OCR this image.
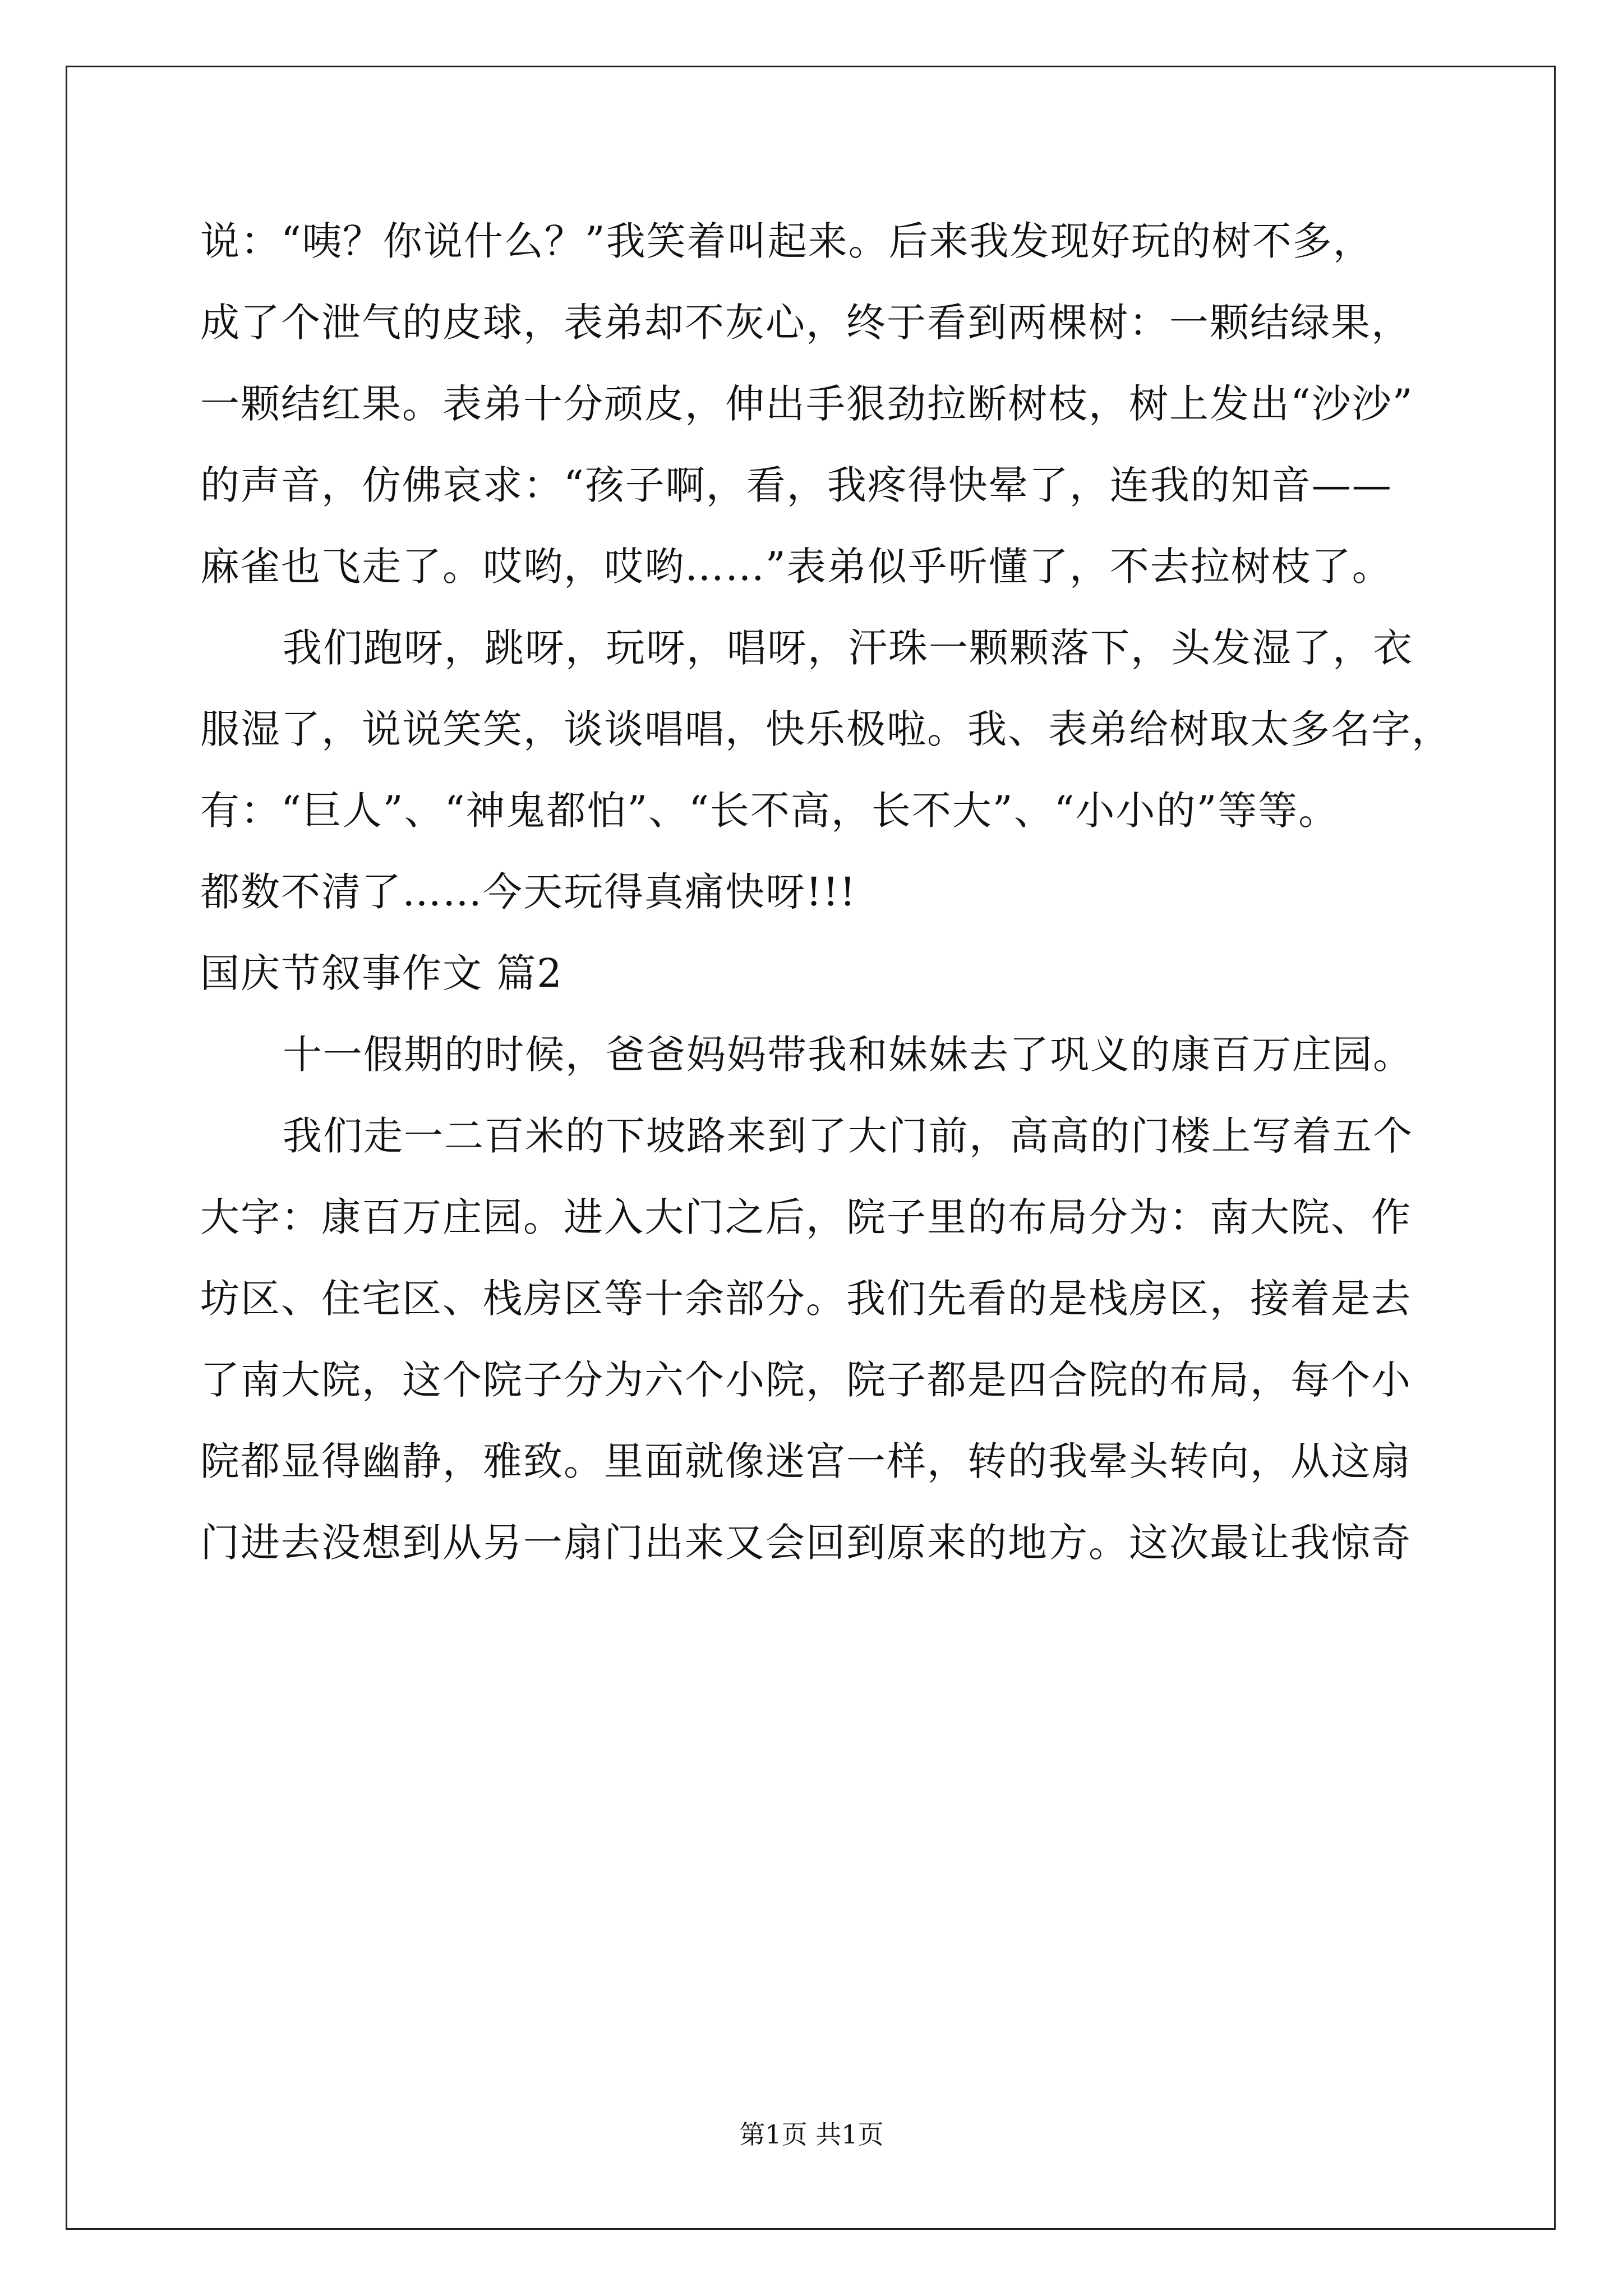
说：“咦？你说什么？”我笑着叫起来。后来我发现好玩的树不多，
成了个泄气的皮球，表弟却不灰心，终于看到两棵树：一颗结绿果，
一颗结红果。表弟十分顽皮，伸出手狠劲拉断树枝，树上发出“沙沙”
的声音，仿佛哀求：“孩子啊，看，我疼得快晕了，连我的知音——
麻雀也飞走了。哎哟，哎哟……”表弟似乎听懂了，不去拉树枝了。
我们跑呀，跳呀，玩呀，唱呀，汗珠一颗颗落下，头发湿了，衣
服湿了，说说笑笑，谈谈唱唱，快乐极啦。我、表弟给树取太多名字，
有：“巨人”、“神鬼都怕”、“长不高，长不大”、“小小的”等等。
都数不清了……今天玩得真痛快呀!!!
国庆节叙事作文 篇2
十一假期的时候，爸爸妈妈带我和妹妹去了巩义的康百万庄园。
我们走一二百米的下坡路来到了大门前，高高的门楼上写着五个
大字：康百万庄园。进入大门之后，院子里的布局分为：南大院、作
坊区、住宅区、栈房区等十余部分。我们先看的是栈房区，接着是去
了南大院，这个院子分为六个小院，院子都是四合院的布局，每个小
院都显得幽静，雅致。里面就像迷宫一样，转的我晕头转向，从这扇
门进去没想到从另一扇门出来又会回到原来的地方。这次最让我惊奇
第1页 共1页
